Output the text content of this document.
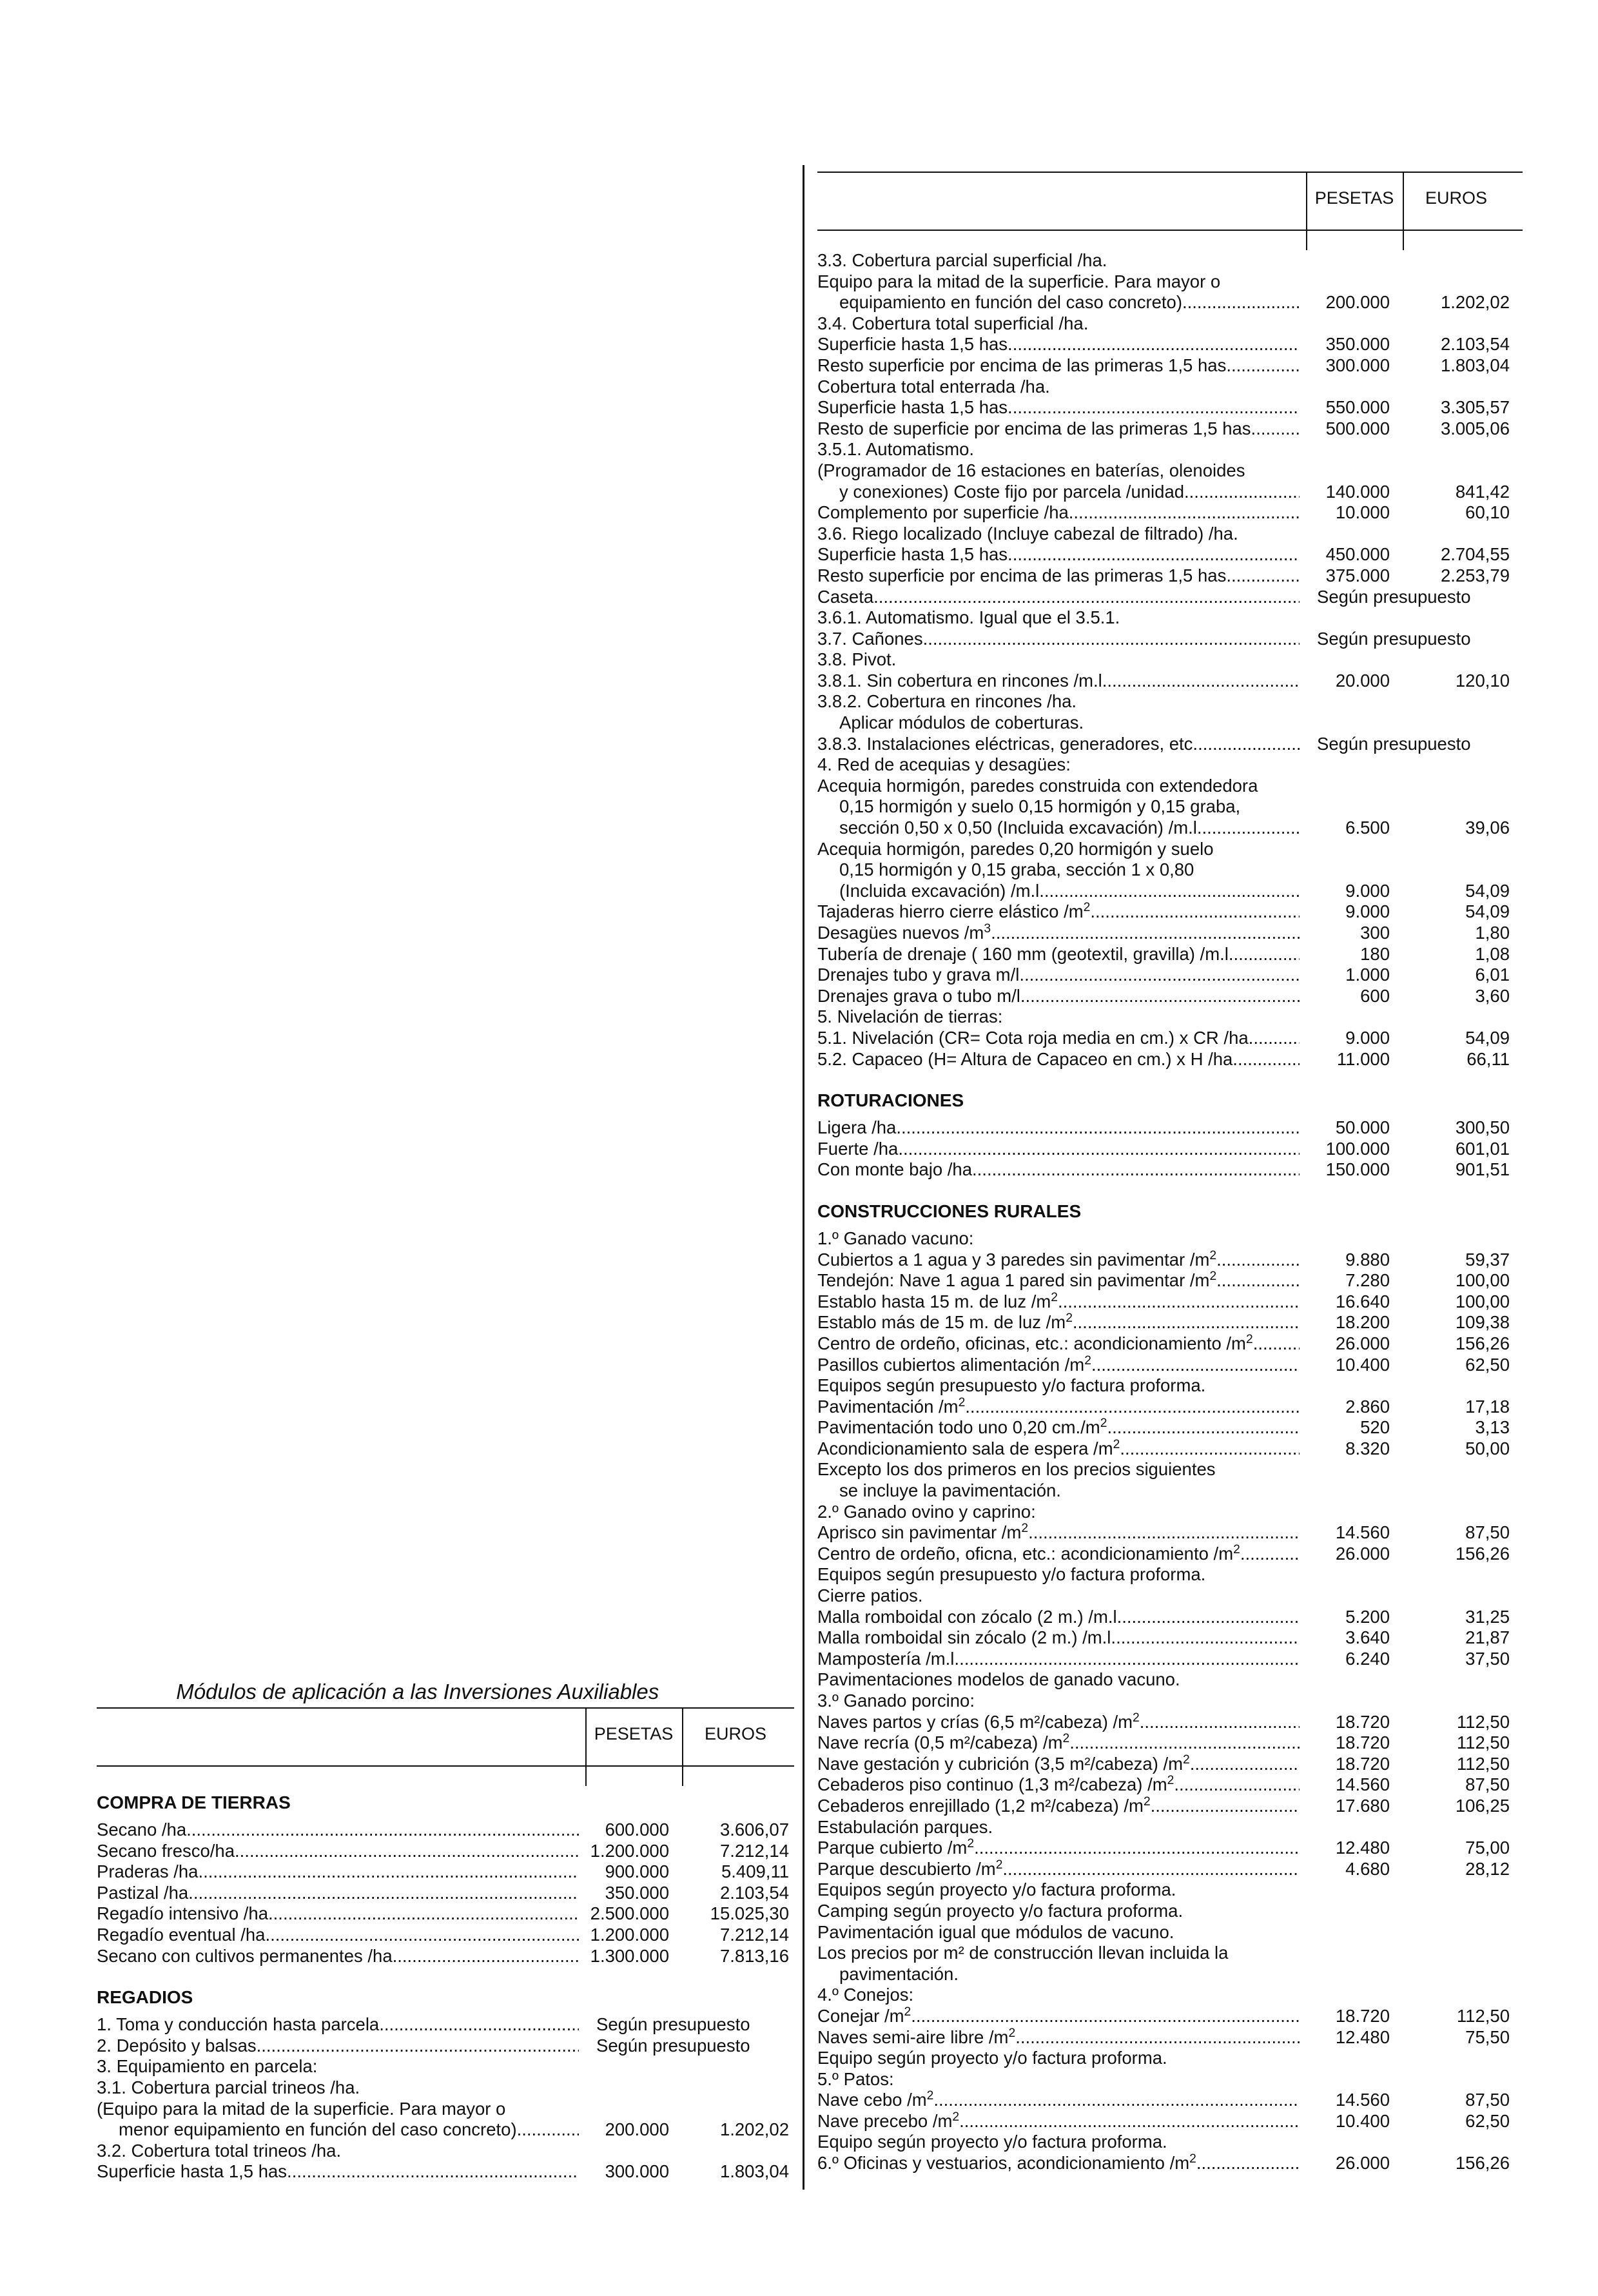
Módulos de aplicación a las Inversiones Auxiliables
PESETAS	EUROS
COMPRA DE TIERRAS
Secano /ha. .....	600.000	3.606,07
Secano fresco/ha. .....	1.200.000	7.212,14
Praderas /ha. .....	900.000	5.409,11
Pastizal /ha. .....	350.000	2.103,54
Regadío intensivo /ha. .....	2.500.000	15.025,30
Regadío eventual /ha. .....	1.200.000	7.212,14
Secano con cultivos permanentes /ha. .....	1.300.000	7.813,16
REGADIOS
1. Toma y conducción hasta parcela. .....	Según presupuesto
2. Depósito y balsas. .....	Según presupuesto
3. Equipamiento en parcela:
3.1. Cobertura parcial trineos /ha.
(Equipo para la mitad de la superficie. Para mayor o
menor equipamiento en función del caso concreto)..... .....	200.000	1.202,02
3.2. Cobertura total trineos /ha.
Superficie hasta 1,5 has. .....	300.000	1.803,04
PESETAS	EUROS
3.3. Cobertura parcial superficial /ha.
Equipo para la mitad de la superficie. Para mayor o
equipamiento en función del caso concreto) .....	200.000	1.202,02
3.4. Cobertura total superficial /ha.
Superficie hasta 1,5 has. .....	350.000	2.103,54
Resto superficie por encima de las primeras 1,5 has. .....	300.000	1.803,04
Cobertura total enterrada /ha.
Superficie hasta 1,5 has. .....	550.000	3.305,57
Resto de superficie por encima de las primeras 1,5 has. .....	500.000	3.005,06
3.5.1. Automatismo.
(Programador de 16 estaciones en baterías, olenoides
y conexiones) Coste fijo por parcela /unidad. .....	140.000	841,42
Complemento por superficie /ha. .....	10.000	60,10
3.6. Riego localizado (Incluye cabezal de filtrado) /ha.
Superficie hasta 1,5 has. .....	450.000	2.704,55
Resto superficie por encima de las primeras 1,5 has. .....	375.000	2.253,79
Caseta. .....	Según presupuesto
3.6.1. Automatismo. Igual que el 3.5.1.
3.7. Cañones. .....	Según presupuesto
3.8. Pivot.
3.8.1. Sin cobertura en rincones /m.l. .....	20.000	120,10
3.8.2. Cobertura en rincones /ha.
Aplicar módulos de coberturas.
3.8.3. Instalaciones eléctricas, generadores, etc. .....	Según presupuesto
4. Red de acequias y desagües:
Acequia hormigón, paredes construida con extendedora
0,15 hormigón y suelo 0,15 hormigón y 0,15 graba,
sección 0,50 x 0,50 (Incluida excavación) /m.l. .....	6.500	39,06
Acequia hormigón, paredes 0,20 hormigón y suelo
0,15 hormigón y 0,15 graba, sección 1 x 0,80
(Incluida excavación) /m.l. .....	9.000	54,09
Tajaderas hierro cierre elástico $/m^2$ .....	9.000	54,09
Desagües nuevos $/m^3$ .....	300	1,80
Tubería de drenaje ( 160 mm (geotextil, gravilla) /m.l. .....	180	1,08
Drenajes tubo y grava m/l. .....	1.000	6,01
Drenajes grava o tubo m/l. .....	600	3,60
5. Nivelación de tierras:
5.1. Nivelación (CR= Cota roja media en cm.) x CR /ha. .....	9.000	54,09
5.2. Capaceo (H= Altura de Capaceo en cm.) x H /ha. .....	11.000	66,11
ROTURACIONES
Ligera /ha. .....	50.000	300,50
Fuerte /ha. .....	100.000	601,01
Con monte bajo /ha. .....	150.000	901,51
CONSTRUCCIONES RURALES
1.º Ganado vacuno:
Cubiertos a 1 agua y 3 paredes sin pavimentar $/m^2$ .....	9.880	59,37
Tendejón: Nave 1 agua 1 pared sin pavimentar $/m^2$ .....	7.280	100,00
Establo hasta 15 m. de luz $/m^2$ .....	16.640	100,00
Establo más de 15 m. de luz $/m^2$ .....	18.200	109,38
Centro de ordeño, oficinas, etc.: acondicionamiento $/m^2$ .....	26.000	156,26
Pasillos cubiertos alimentación $/m^2$ .....	10.400	62,50
Equipos según presupuesto y/o factura proforma.
Pavimentación $/m^2$ .....	2.860	17,18
Pavimentación todo uno 0,20 $cm./m^2$ .....	520	3,13
Acondicionamiento sala de espera $/m^2$ .....	8.320	50,00
Excepto los dos primeros en los precios siguientes
se incluye la pavimentación.
2.º Ganado ovino y caprino:
Aprisco sin pavimentar $/m^2$ .....	14.560	87,50
Centro de ordeño, oficna, etc.: acondicionamiento $/m^2$ .....	26.000	156,26
Equipos según presupuesto y/o factura proforma.
Cierre patios.
Malla romboidal con zócalo (2 m.) /m.l. .....	5.200	31,25
Malla romboidal sin zócalo (2 m.) /m.l. .....	3.640	21,87
Mampostería /m.l. .....	6.240	37,50
Pavimentaciones modelos de ganado vacuno.
3.º Ganado porcino:
Naves partos y crías (6,5 m²/cabeza) $/m^2$ .....	18.720	112,50
Nave recría (0,5 m²/cabeza) $/m^2$ .....	18.720	112,50
Nave gestación y cubrición (3,5 m²/cabeza) $/m^2$ .....	18.720	112,50
Cebaderos piso continuo (1,3 m²/cabeza) $/m^2$ .....	14.560	87,50
Cebaderos enrejillado (1,2 m²/cabeza) $/m^2$ .....	17.680	106,25
Estabulación parques.
Parque cubierto $/m^2$ .....	12.480	75,00
Parque descubierto $/m^2$ .....	4.680	28,12
Equipos según proyecto y/o factura proforma.
Camping según proyecto y/o factura proforma.
Pavimentación igual que módulos de vacuno.
Los precios por m² de construcción llevan incluida la
pavimentación.
4.º Conejos:
Conejar $/m^2$ .....	18.720	112,50
Naves semi-aire libre $/m^2$ .....	12.480	75,50
Equipo según proyecto y/o factura proforma.
5.º Patos:
Nave cebo $/m^2$ .....	14.560	87,50
Nave precebo $/m^2$ .....	10.400	62,50
Equipo según proyecto y/o factura proforma.
6.º Oficinas y vestuarios, acondicionamiento $/m^2$ .....	26.000	156,26
